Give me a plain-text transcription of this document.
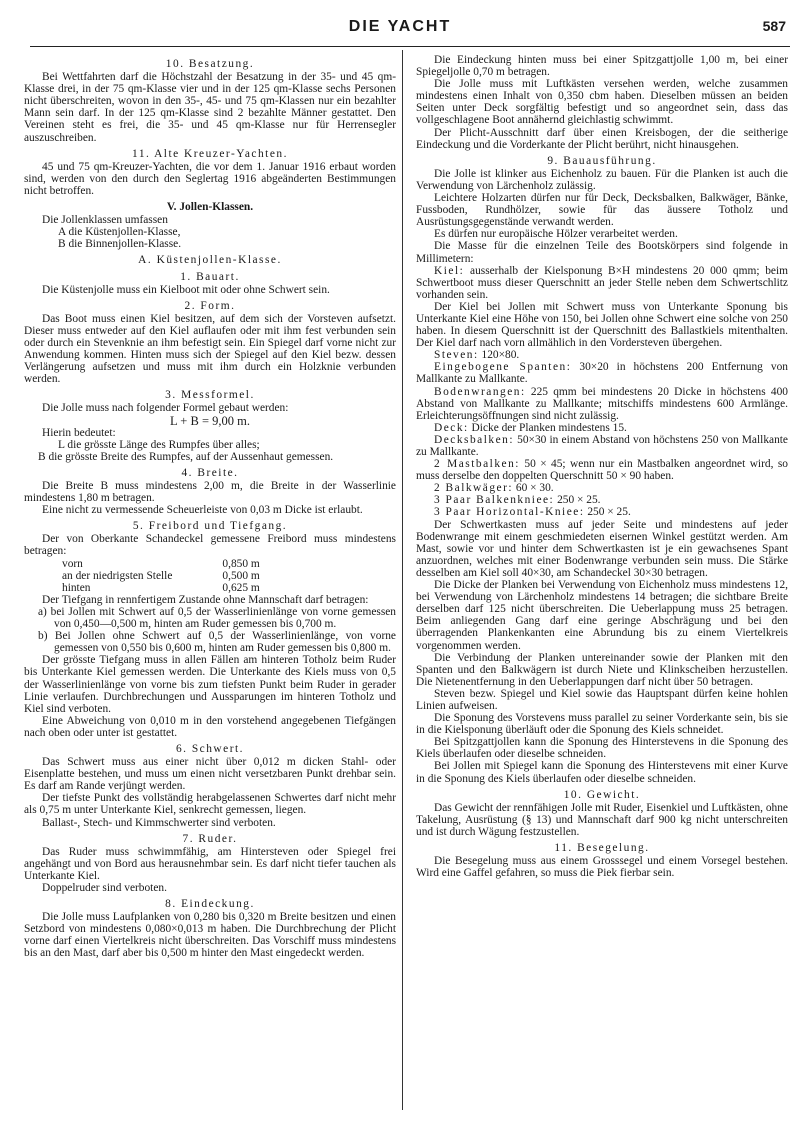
DIE YACHT	587

10. Besatzung.

Bei Wettfahrten darf die Höchstzahl der Besatzung in der 35- und 45 qm-Klasse drei, in der 75 qm-Klasse vier und in der 125 qm-Klasse sechs Personen nicht überschreiten, wovon in den 35-, 45- und 75 qm-Klassen nur ein bezahlter Mann sein darf. In der 125 qm-Klasse sind 2 bezahlte Männer gestattet. Den Vereinen steht es frei, die 35- und 45 qm-Klasse nur für Herrensegler auszuschreiben.

11. Alte Kreuzer-Yachten.

45 und 75 qm-Kreuzer-Yachten, die vor dem 1. Januar 1916 erbaut worden sind, werden von den durch den Seglertag 1916 abgeänderten Bestimmungen nicht betroffen.

V. Jollen-Klassen.

Die Jollenklassen umfassen

A die Küstenjollen-Klasse,

B die Binnenjollen-Klasse.

A. Küstenjollen-Klasse.

1. Bauart.

Die Küstenjolle muss ein Kielboot mit oder ohne Schwert sein.

2. Form.

Das Boot muss einen Kiel besitzen, auf dem sich der Vorsteven aufsetzt. Dieser muss entweder auf den Kiel auflaufen oder mit ihm fest verbunden sein oder durch ein Stevenknie an ihm befestigt sein. Ein Spiegel darf vorne nicht zur Anwendung kommen. Hinten muss sich der Spiegel auf den Kiel bezw. dessen Verlängerung aufsetzen und muss mit ihm durch ein Holzknie verbunden werden.

3. Messformel.

Die Jolle muss nach folgender Formel gebaut werden:

L + B = 9,00 m.

Hierin bedeutet:

L die grösste Länge des Rumpfes über alles;

B die grösste Breite des Rumpfes, auf der Aussenhaut gemessen.

4. Breite.

Die Breite B muss mindestens 2,00 m, die Breite in der Wasserlinie mindestens 1,80 m betragen.

Eine nicht zu vermessende Scheuerleiste von 0,03 m Dicke ist erlaubt.

5. Freibord und Tiefgang.

Der von Oberkante Schandeckel gemessene Freibord muss mindestens betragen:

vorn	0,850 m
an der niedrigsten Stelle	0,500 m
hinten	0,625 m

Der Tiefgang in rennfertigem Zustande ohne Mannschaft darf betragen:

a) bei Jollen mit Schwert auf 0,5 der Wasserlinienlänge von vorne gemessen von 0,450—0,500 m, hinten am Ruder gemessen bis 0,700 m.

b) Bei Jollen ohne Schwert auf 0,5 der Wasserlinienlänge, von vorne gemessen von 0,550 bis 0,600 m, hinten am Ruder gemessen bis 0,800 m.

Der grösste Tiefgang muss in allen Fällen am hinteren Totholz beim Ruder bis Unterkante Kiel gemessen werden. Die Unterkante des Kiels muss von 0,5 der Wasserlinienlänge von vorne bis zum tiefsten Punkt beim Ruder in gerader Linie verlaufen. Durchbrechungen und Aussparungen im hinteren Totholz und Kiel sind verboten.

Eine Abweichung von 0,010 m in den vorstehend angegebenen Tiefgängen nach oben oder unter ist gestattet.

6. Schwert.

Das Schwert muss aus einer nicht über 0,012 m dicken Stahl- oder Eisenplatte bestehen, und muss um einen nicht versetzbaren Punkt drehbar sein. Es darf am Rande verjüngt werden.

Der tiefste Punkt des vollständig herabgelassenen Schwertes darf nicht mehr als 0,75 m unter Unterkante Kiel, senkrecht gemessen, liegen.

Ballast-, Stech- und Kimmschwerter sind verboten.

7. Ruder.

Das Ruder muss schwimmfähig, am Hintersteven oder Spiegel frei angehängt und von Bord aus herausnehmbar sein. Es darf nicht tiefer tauchen als Unterkante Kiel.

Doppelruder sind verboten.

8. Eindeckung.

Die Jolle muss Laufplanken von 0,280 bis 0,320 m Breite besitzen und einen Setzbord von mindestens 0,080×0,013 m haben. Die Durchbrechung der Plicht vorne darf einen Viertelkreis nicht überschreiten. Das Vorschiff muss mindestens bis an den Mast, darf aber bis 0,500 m hinter den Mast eingedeckt werden.

Die Eindeckung hinten muss bei einer Spitzgattjolle 1,00 m, bei einer Spiegeljolle 0,70 m betragen.

Die Jolle muss mit Luftkästen versehen werden, welche zusammen mindestens einen Inhalt von 0,350 cbm haben. Dieselben müssen an beiden Seiten unter Deck sorgfältig befestigt und so angeordnet sein, dass das vollgeschlagene Boot annähernd gleichlastig schwimmt.

Der Plicht-Ausschnitt darf über einen Kreisbogen, der die seitherige Eindeckung und die Vorderkante der Plicht berührt, nicht hinausgehen.

9. Bauausführung.

Die Jolle ist klinker aus Eichenholz zu bauen. Für die Planken ist auch die Verwendung von Lärchenholz zulässig.

Leichtere Holzarten dürfen nur für Deck, Decksbalken, Balkwäger, Bänke, Fussboden, Rundhölzer, sowie für das äussere Totholz und Ausrüstungsgegenstände verwandt werden.

Es dürfen nur europäische Hölzer verarbeitet werden.

Die Masse für die einzelnen Teile des Bootskörpers sind folgende in Millimetern:

Kiel: ausserhalb der Kielsponung B×H mindestens 20 000 qmm; beim Schwertboot muss dieser Querschnitt an jeder Stelle neben dem Schwertschlitz vorhanden sein.

Der Kiel bei Jollen mit Schwert muss von Unterkante Sponung bis Unterkante Kiel eine Höhe von 150, bei Jollen ohne Schwert eine solche von 250 haben. In diesem Querschnitt ist der Querschnitt des Ballastkiels mitenthalten. Der Kiel darf nach vorn allmählich in den Vordersteven übergehen.

Steven: 120×80.

Eingebogene Spanten: 30×20 in höchstens 200 Entfernung von Mallkante zu Mallkante.

Bodenwrangen: 225 qmm bei mindestens 20 Dicke in höchstens 400 Abstand von Mallkante zu Mallkante; mitschiffs mindestens 600 Armlänge. Erleichterungsöffnungen sind nicht zulässig.

Deck: Dicke der Planken mindestens 15.

Decksbalken: 50×30 in einem Abstand von höchstens 250 von Mallkante zu Mallkante.

2 Mastbalken: 50 × 45; wenn nur ein Mastbalken angeordnet wird, so muss derselbe den doppelten Querschnitt 50 × 90 haben.

2 Balkwäger: 60 × 30.

3 Paar Balkenkniee: 250 × 25.

3 Paar Horizontal-Kniee: 250 × 25.

Der Schwertkasten muss auf jeder Seite und mindestens auf jeder Bodenwrange mit einem geschmiedeten eisernen Winkel gestützt werden. Am Mast, sowie vor und hinter dem Schwertkasten ist je ein gewachsenes Spant anzuordnen, welches mit einer Bodenwrange verbunden sein muss. Die Stärke desselben am Kiel soll 40×30, am Schandeckel 30×30 betragen.

Die Dicke der Planken bei Verwendung von Eichenholz muss mindestens 12, bei Verwendung von Lärchenholz mindestens 14 betragen; die sichtbare Breite derselben darf 125 nicht überschreiten. Die Ueberlappung muss 25 betragen. Beim anliegenden Gang darf eine geringe Abschrägung und bei den überragenden Plankenkanten eine Abrundung bis zu einem Viertelkreis vorgenommen werden.

Die Verbindung der Planken untereinander sowie der Planken mit den Spanten und den Balkwägern ist durch Niete und Klinkscheiben herzustellen. Die Nietenentfernung in den Ueberlappungen darf nicht über 50 betragen.

Steven bezw. Spiegel und Kiel sowie das Hauptspant dürfen keine hohlen Linien aufweisen.

Die Sponung des Vorstevens muss parallel zu seiner Vorderkante sein, bis sie in die Kielsponung überläuft oder die Sponung des Kiels schneidet.

Bei Spitzgattjollen kann die Sponung des Hinterstevens in die Sponung des Kiels überlaufen oder dieselbe schneiden.

Bei Jollen mit Spiegel kann die Sponung des Hinterstevens mit einer Kurve in die Sponung des Kiels überlaufen oder dieselbe schneiden.

10. Gewicht.

Das Gewicht der rennfähigen Jolle mit Ruder, Eisenkiel und Luftkästen, ohne Takelung, Ausrüstung (§ 13) und Mannschaft darf 900 kg nicht unterschreiten und ist durch Wägung festzustellen.

11. Besegelung.

Die Besegelung muss aus einem Grosssegel und einem Vorsegel bestehen. Wird eine Gaffel gefahren, so muss die Piek fierbar sein.
